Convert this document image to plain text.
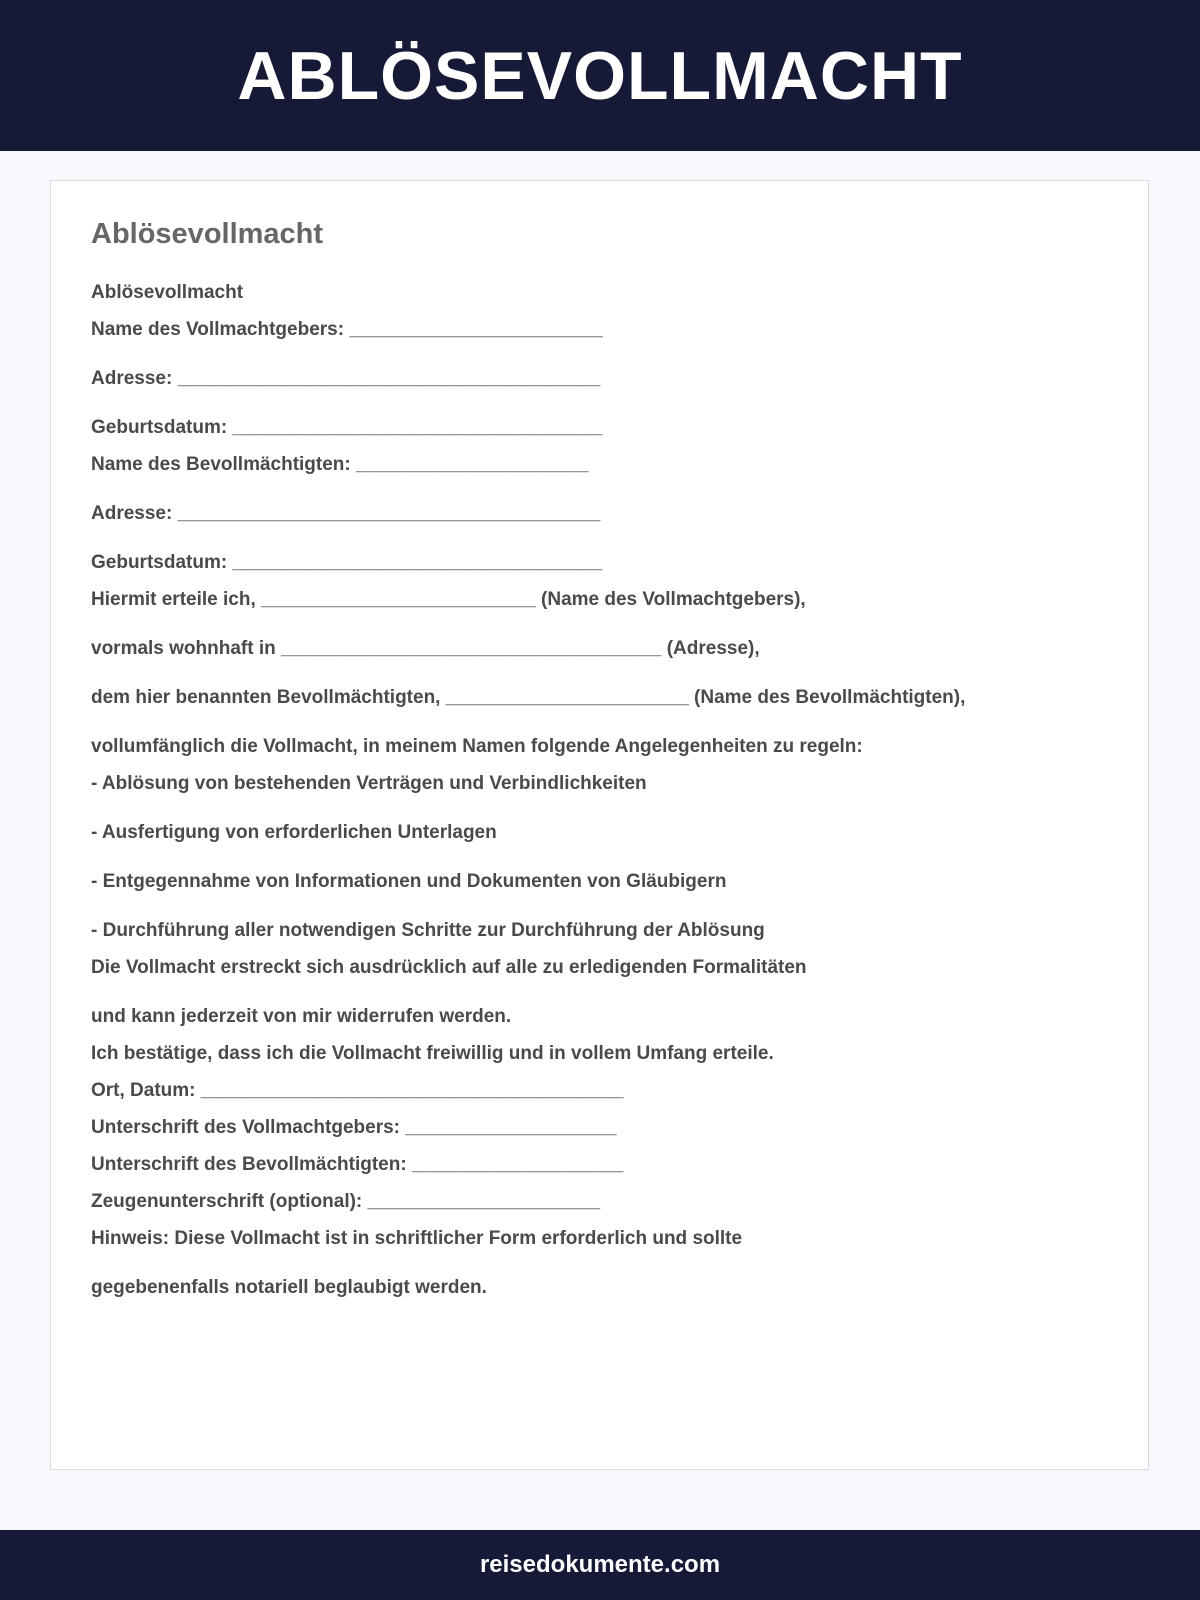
ABLÖSEVOLLMACHT
Ablösevollmacht
Ablösevollmacht
Name des Vollmachtgebers: ________________________
Adresse: ________________________________________
Geburtsdatum: ___________________________________
Name des Bevollmächtigten: ______________________
Adresse: ________________________________________
Geburtsdatum: ___________________________________
Hiermit erteile ich, __________________________ (Name des Vollmachtgebers),
vormals wohnhaft in ____________________________________ (Adresse),
dem hier benannten Bevollmächtigten, _______________________ (Name des Bevollmächtigten),
vollumfänglich die Vollmacht, in meinem Namen folgende Angelegenheiten zu regeln:
- Ablösung von bestehenden Verträgen und Verbindlichkeiten
- Ausfertigung von erforderlichen Unterlagen
- Entgegennahme von Informationen und Dokumenten von Gläubigern
- Durchführung aller notwendigen Schritte zur Durchführung der Ablösung
Die Vollmacht erstreckt sich ausdrücklich auf alle zu erledigenden Formalitäten
und kann jederzeit von mir widerrufen werden.
Ich bestätige, dass ich die Vollmacht freiwillig und in vollem Umfang erteile.
Ort, Datum: ________________________________________
Unterschrift des Vollmachtgebers: ____________________
Unterschrift des Bevollmächtigten: ____________________
Zeugenunterschrift (optional): ______________________
Hinweis: Diese Vollmacht ist in schriftlicher Form erforderlich und sollte
gegebenenfalls notariell beglaubigt werden.
reisedokumente.com
